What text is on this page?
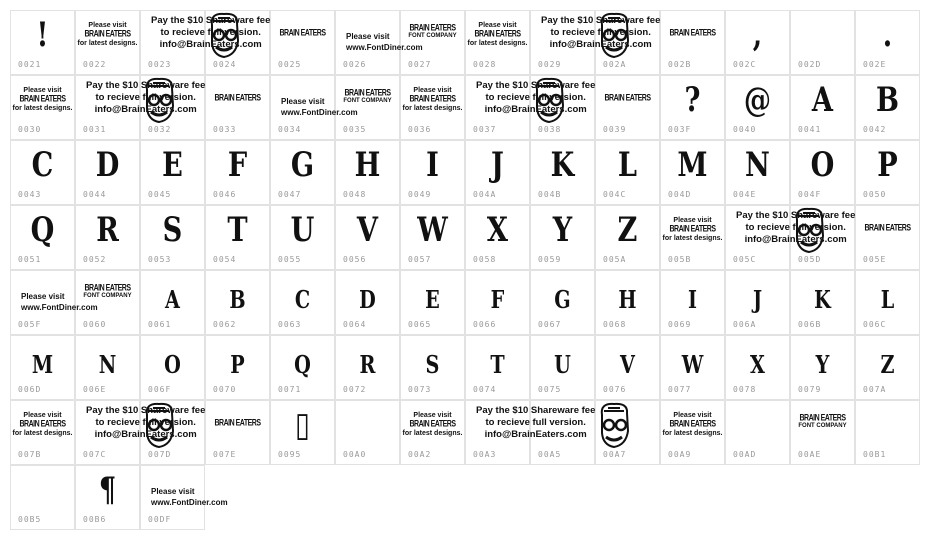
!
0021
Please visit
BRAIN EATERS
for latest designs.
0022
Pay the $10 Shareware fee
to recieve full version.
info@BrainEaters.com
0023	0024
BRAIN EATERS
0025
Please visit
www.FontDiner.com
0026
BRAIN EATERS
FONT COMPANY
0027
Please visit
BRAIN EATERS
for latest designs.
0028
Pay the $10 Shareware fee
to recieve full version.
info@BrainEaters.com
0029	002A
BRAIN EATERS
002B
,
002C	002D
.
002E
Please visit
BRAIN EATERS
for latest designs.
0030
Pay the $10 Shareware fee
to recieve full version.
info@BrainEaters.com
0031	0032
BRAIN EATERS
0033
Please visit
www.FontDiner.com
0034
BRAIN EATERS
FONT COMPANY
0035
Please visit
BRAIN EATERS
for latest designs.
0036
Pay the $10 Shareware fee
to recieve full version.
info@BrainEaters.com
0037	0038
BRAIN EATERS
0039
?
003F
@
0040
A
0041
B
0042
C
0043
D
0044
E
0045
F
0046
G
0047
H
0048
I
0049
J
004A
K
004B
L
004C
M
004D
N
004E
O
004F
P
0050
Q
0051
R
0052
S
0053
T
0054
U
0055
V
0056
W
0057
X
0058
Y
0059
Z
005A
Please visit
BRAIN EATERS
for latest designs.
005B
Pay the $10 Shareware fee
to recieve full version.
info@BrainEaters.com
005C	005D
BRAIN EATERS
005E
Please visit
www.FontDiner.com
005F
BRAIN EATERS
FONT COMPANY
0060
A
0061
B
0062
C
0063
D
0064
E
0065
F
0066
G
0067
H
0068
I
0069
J
006A
K
006B
L
006C
M
006D
N
006E
O
006F
P
0070
Q
0071
R
0072
S
0073
T
0074
U
0075
V
0076
W
0077
X
0078
Y
0079
Z
007A
Please visit
BRAIN EATERS
for latest designs.
007B
Pay the $10 Shareware fee
to recieve full version.
info@BrainEaters.com
007C	007D
BRAIN EATERS
007E
▯
0095	00A0
Please visit
BRAIN EATERS
for latest designs.
00A2
Pay the $10 Shareware fee
to recieve full version.
info@BrainEaters.com
00A3	00A5	00A7
Please visit
BRAIN EATERS
for latest designs.
00A9	00AD
BRAIN EATERS
FONT COMPANY
00AE	00B1
00B5
¶
00B6
Please visit
www.FontDiner.com
00DF
